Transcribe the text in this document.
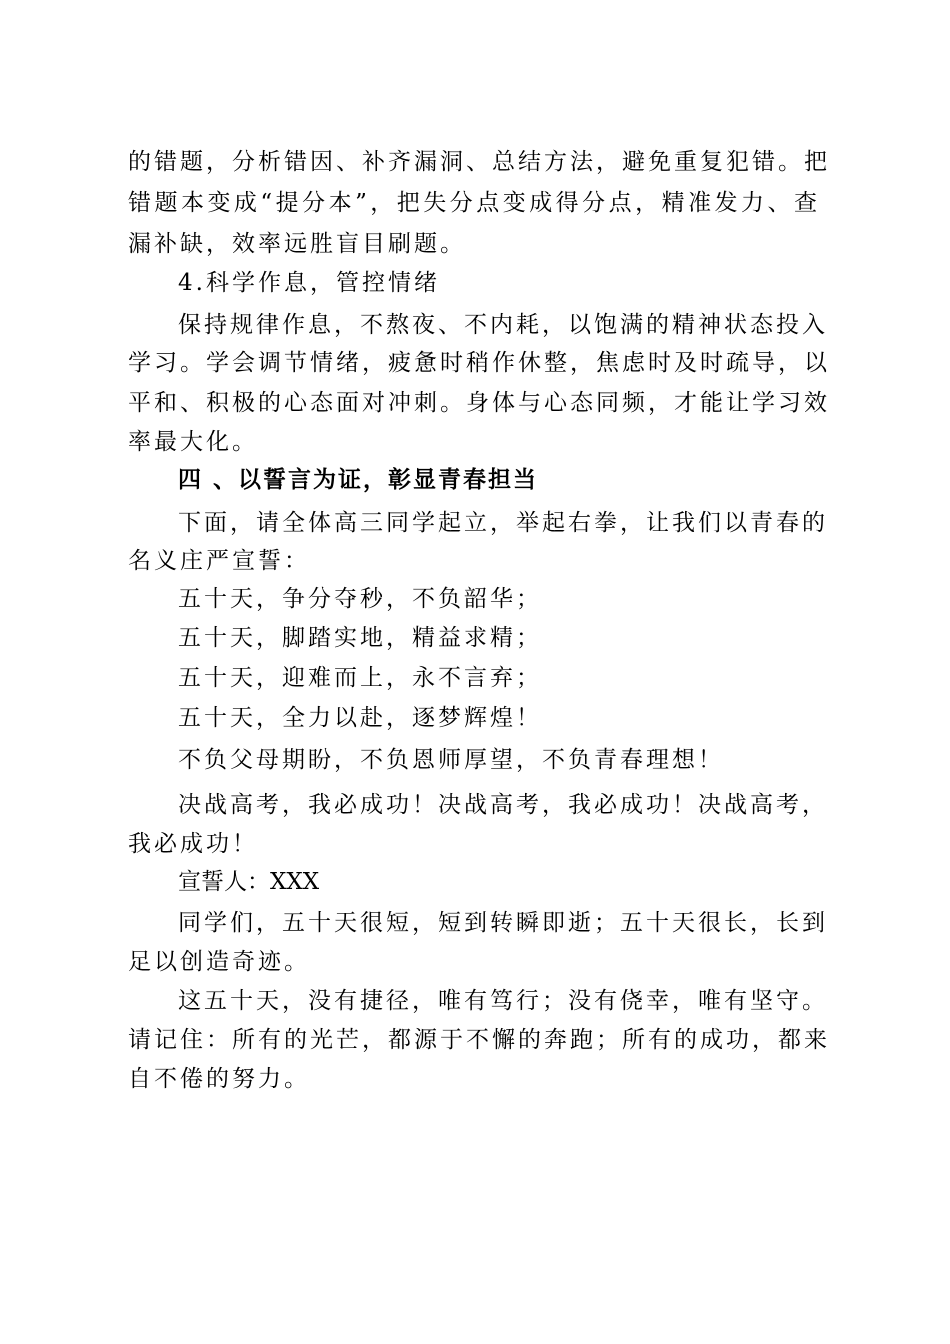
的错题，分析错因、补齐漏洞、总结方法，避免重复犯错。把
错题本变成“提分本”，把失分点变成得分点，精准发力、查
漏补缺，效率远胜盲目刷题。
4.科学作息，管控情绪
保持规律作息，不熬夜、不内耗，以饱满的精神状态投入
学习。学会调节情绪，疲惫时稍作休整，焦虑时及时疏导，以
平和、积极的心态面对冲刺。身体与心态同频，才能让学习效
率最大化。
四 、以誓言为证，彰显青春担当
下面，请全体高三同学起立，举起右拳，让我们以青春的
名义庄严宣誓：
五十天，争分夺秒，不负韶华；
五十天，脚踏实地，精益求精；
五十天，迎难而上，永不言弃；
五十天，全力以赴，逐梦辉煌！
不负父母期盼，不负恩师厚望，不负青春理想！
决战高考，我必成功！决战高考，我必成功！决战高考，
我必成功！
宣誓人：XXX
同学们，五十天很短，短到转瞬即逝；五十天很长，长到
足以创造奇迹。
这五十天，没有捷径，唯有笃行；没有侥幸，唯有坚守。
请记住：所有的光芒，都源于不懈的奔跑；所有的成功，都来
自不倦的努力。
